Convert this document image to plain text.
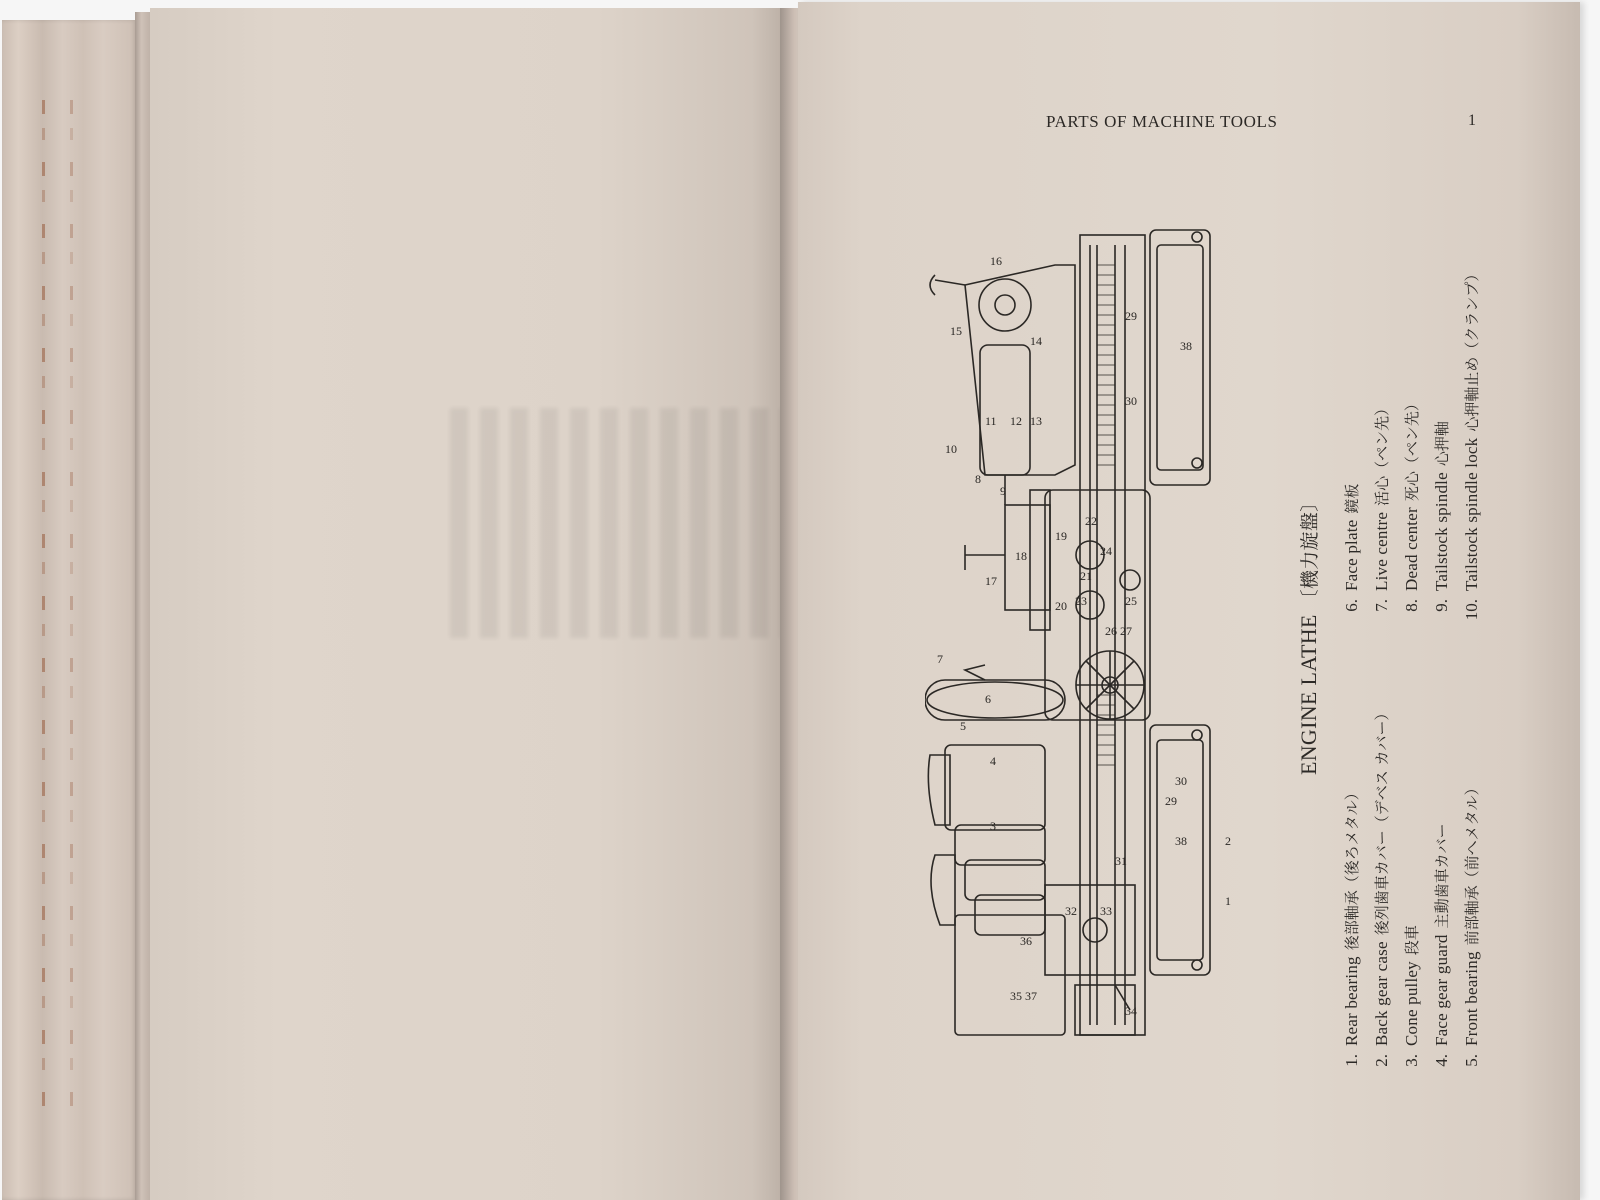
PARTS OF MACHINE TOOLS	1
1
2
3
4
5
6
7
8
9
10
11 12 13
14
15
16
17
18
19
20
21
22
23
24
25
26 27
29
29
30
30
31
32 33
34
35
36
37
38
38
ENGINE LATHE〔機力旋盤〕
1.Rear bearing後部軸承（後ろメタル）
2.Back gear case後列歯車カバー（デベス カバー）
3.Cone pulley段車
4.Face gear guard主動歯車カバー
5.Front bearing前部軸承（前へメタル）
6.Face plate鏡板
7.Live centre活心（ペン先）
8.Dead center死心（ペン先）
9.Tailstock spindle心押軸
10.Tailstock spindle lock心押軸止め（クランプ）
